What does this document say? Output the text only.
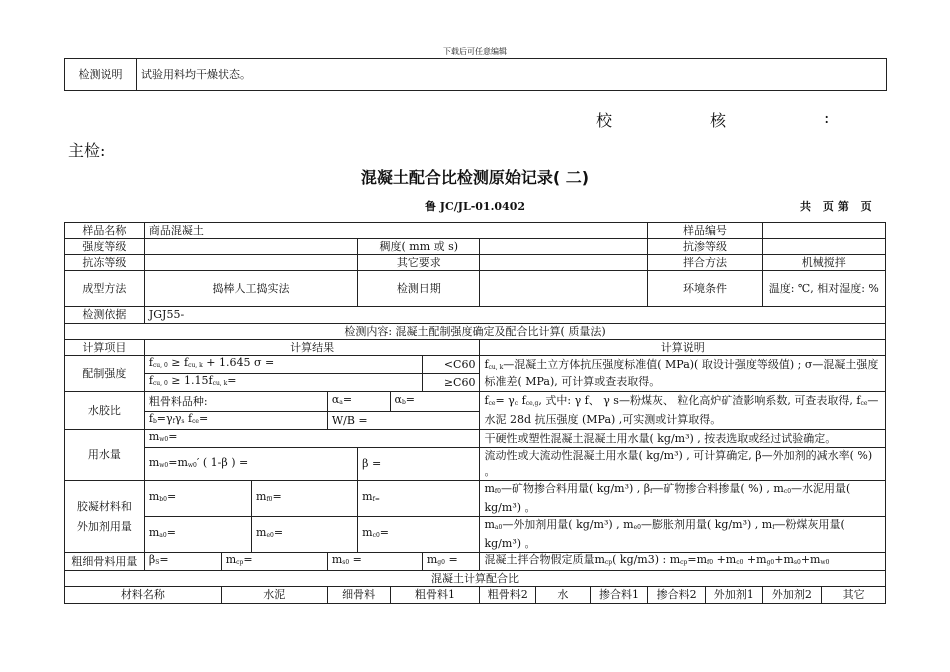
下载后可任意编辑
检测说明	试验用料均干燥状态。
校	核	:
主检:
混凝土配合比检测原始记录( 二)
鲁 JC/JL-01.0402	共 页第 页
样品名称	商品混凝土										样品编号			
强度等级					稠度( mm 或 s)						抗渗等级			
抗冻等级					其它要求						拌合方法		机械搅拌	
成型方法	捣棒人工捣实法				检测日期						环境条件		温度: ℃, 相对湿度: %	
检测依据	JGJ55-													
检测内容: 混凝土配制强度确定及配合比计算( 质量法)														
计算项目	计算结果							计算说明						
配制强度	$f_{cu, 0} \ge f_{cu, k} + 1.645$ σ =						<C60	$f_{cu, k}—$混凝土立方体抗压强度标准值( MPa)( 取设计强度等级值) ; σ—混凝土强度标准差( MPa), 可计算或查表取得。						
	$f_{cu, 0} \ge 1.15f_{cu, k}=$						≥C60							
水胶比	粗骨料品种:			$\alpha_a=$		$\alpha_b=$		$f_{ce}= \gamma_c$ $f_{ce,g}$, 式中: γ f、 γ s—粉煤灰、 粒化高炉矿渣影响系数, 可查表取得, $f_{ce}—$水泥 28d 抗压强度 (MPa) ,可实测或计算取得。						
	$f_b=\gamma_f\gamma_s$ $f_{ce}=$			W/B =										
用水量	$m_{w0}=$							干硬性或塑性混凝土混凝土用水量( kg/m³) , 按表选取或经过试验确定。						
	$m_{w0}=m_{w0}'$ ( 1-β ) =				β =			流动性或大流动性混凝土用水量( kg/m³) , 可计算确定, β—外加剂的减水率( %) 。						
胶凝材料和
外加剂用量	$m_{b0}=$		$m_{f0}=$		$m_{f=}$			$m_{f0}—$矿物掺合料用量( kg/m³) , $\beta_f—$矿物掺合料掺量( %) , $m_{c0}—$水泥用量( kg/m³) 。						
	$m_{a0}=$		$m_{e0}=$		$m_{c0}=$			$m_{a0}—$外加剂用量( kg/m³) , $m_{e0}—$膨胀剂用量( kg/m³) , $m_f—$粉煤灰用量( kg/m³) 。						
粗细骨料用量	$\beta_S=$	$m_{cp}=$		$m_{s0}$ =			$m_{g0}$ =	混凝土拌合物假定质量$m_{cp}$( kg/m3) : $m_{cp}=m_{f0} +m_{c0} +m_{g0}+m_{s0}+m_{w0}$
混凝土计算配合比														
材料名称		水泥		细骨料		粗骨料1		粗骨料2	水	掺合料1	掺合料2	外加剂1	外加剂2	其它
